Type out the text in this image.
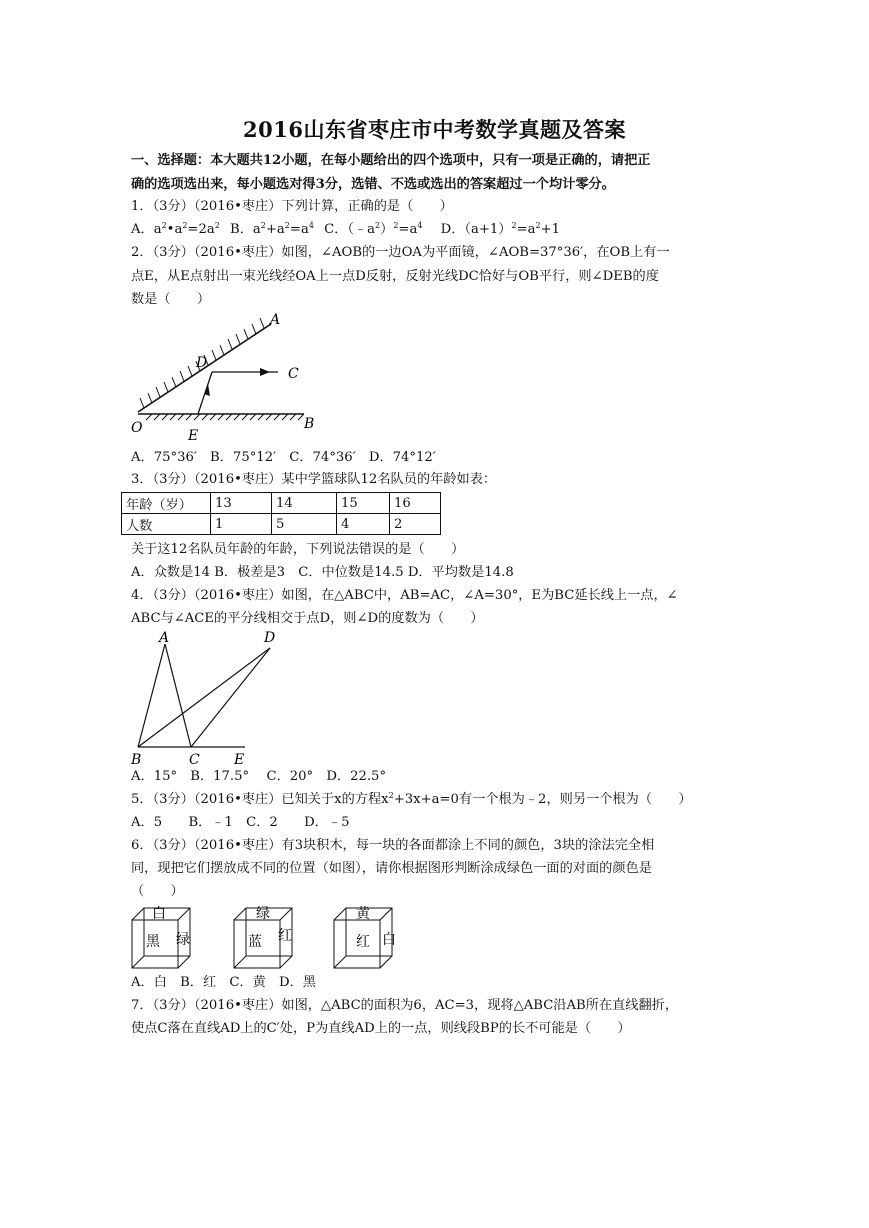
2016山东省枣庄市中考数学真题及答案
一、选择题：本大题共12小题，在每小题给出的四个选项中，只有一项是正确的，请把正
确的选项选出来，每小题选对得3分，选错、不选或选出的答案超过一个均计零分。
1．（3分）（2016•枣庄）下列计算，正确的是（　　）
A．$a^2•a^2=2a^2$ B．$a^2+a^2=a^4$ C．$(﹣a^2)^2=a^4$ D．$(a+1)^2=a^2+1$
2．（3分）（2016•枣庄）如图，∠AOB的一边OA为平面镜，∠AOB=37°36′，在OB上有一
点E，从E点射出一束光线经OA上一点D反射，反射光线DC恰好与OB平行，则∠DEB的度
数是（　　）
A
D
C
O	E
B
A．75°36′　B．75°12′　C．74°36′　D．74°12′
3．（3分）（2016•枣庄）某中学篮球队12名队员的年龄如表：
年龄（岁）	13	14	15	16
人数	1	5	4	2
关于这12名队员年龄的年龄，下列说法错误的是（　　）
A．众数是14 B．极差是3　C．中位数是14.5 D．平均数是14.8
4．（3分）（2016•枣庄）如图，在△ABC中，AB=AC，∠A=30°，E为BC延长线上一点，∠
ABC与∠ACE的平分线相交于点D，则∠D的度数为（　　）
A	D
B	C E
A．15°　B．17.5°　 C．20°　D．22.5°
5．（3分）（2016•枣庄）已知关于x的方程$x^2+3x+a=0$有一个根为﹣2，则另一个根为（　　）
A．5　　B．﹣1　C．2　　D．﹣5
6．（3分）（2016•枣庄）有3块积木，每一块的各面都涂上不同的颜色，3块的涂法完全相
同，现把它们摆放成不同的位置（如图），请你根据图形判断涂成绿色一面的对面的颜色是
（　　）
白
黑 绿
绿
蓝 红
黄
红 白
A．白　B．红　C．黄　D．黑
7．（3分）（2016•枣庄）如图，△ABC的面积为6，AC=3，现将△ABC沿AB所在直线翻折，
使点C落在直线AD上的C′处，P为直线AD上的一点，则线段BP的长不可能是（　　）
